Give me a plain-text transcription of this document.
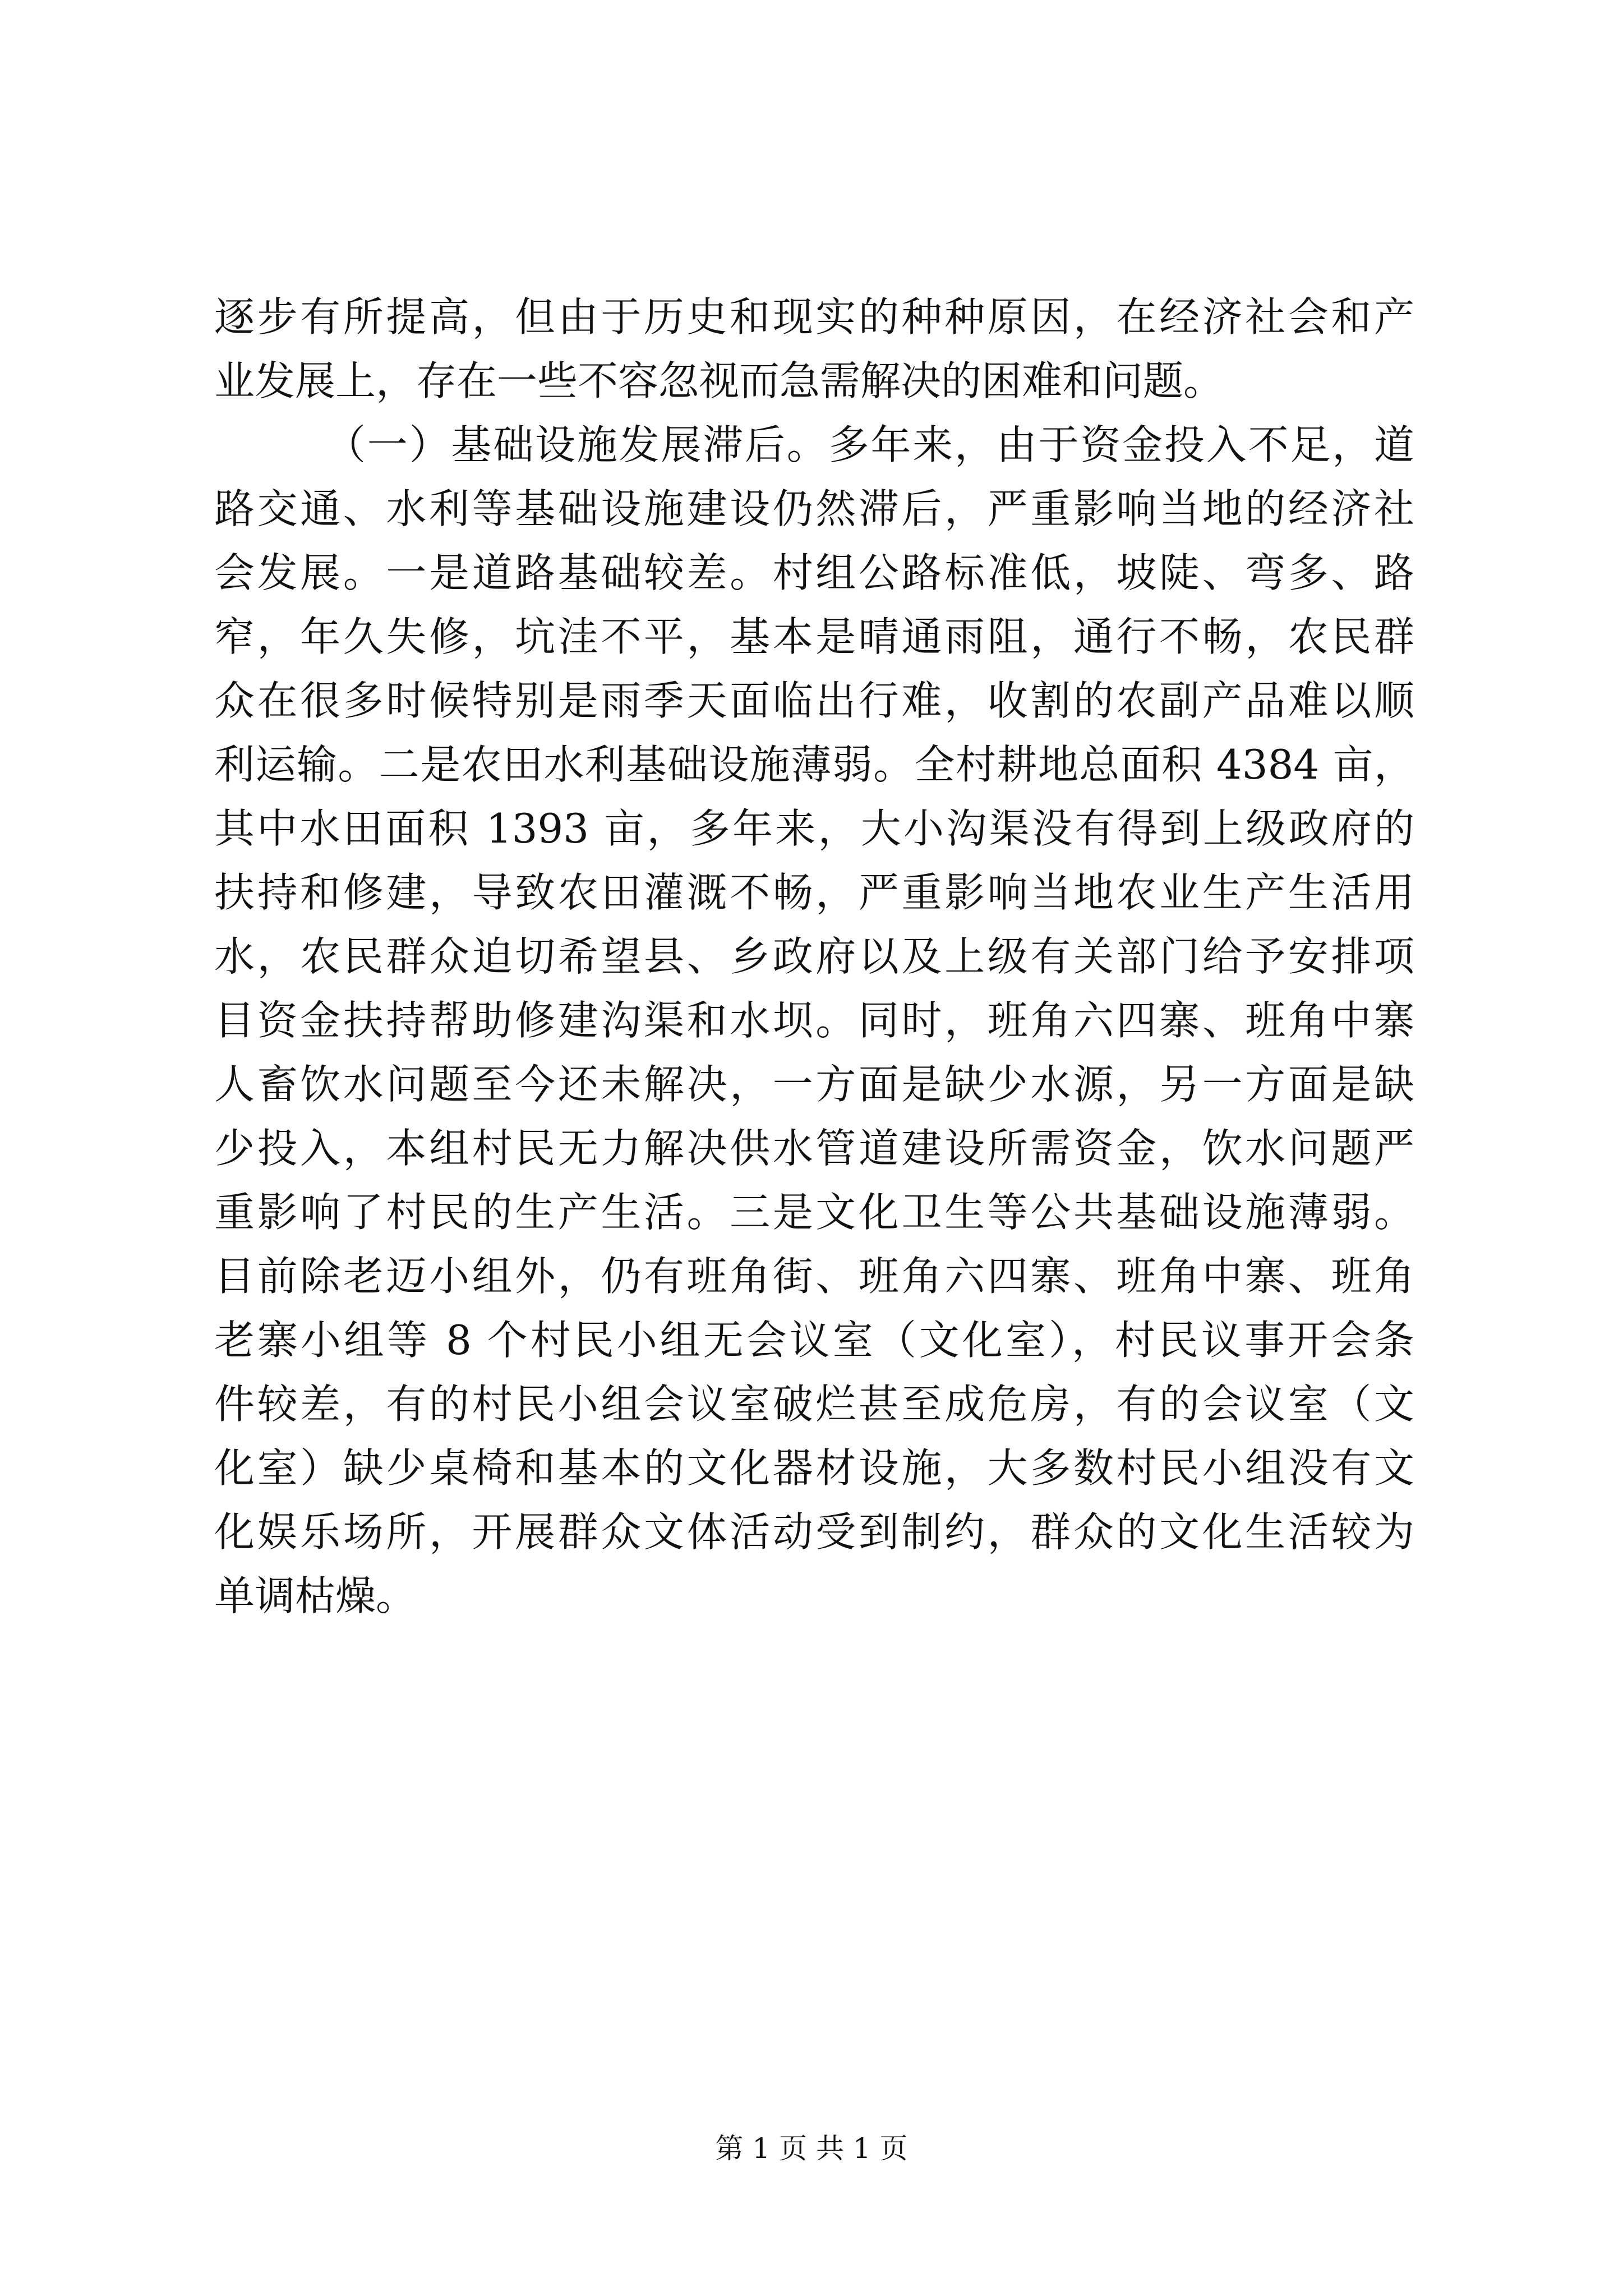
逐步有所提高，但由于历史和现实的种种原因，在经济社会和产
业发展上，存在一些不容忽视而急需解决的困难和问题。
（一）基础设施发展滞后。多年来，由于资金投入不足，道
路交通、水利等基础设施建设仍然滞后，严重影响当地的经济社
会发展。一是道路基础较差。村组公路标准低，坡陡、弯多、路
窄，年久失修，坑洼不平，基本是晴通雨阻，通行不畅，农民群
众在很多时候特别是雨季天面临出行难，收割的农副产品难以顺
利运输。二是农田水利基础设施薄弱。全村耕地总面积 4384 亩，
其中水田面积 1393 亩，多年来，大小沟渠没有得到上级政府的
扶持和修建，导致农田灌溉不畅，严重影响当地农业生产生活用
水，农民群众迫切希望县、乡政府以及上级有关部门给予安排项
目资金扶持帮助修建沟渠和水坝。同时，班角六四寨、班角中寨
人畜饮水问题至今还未解决，一方面是缺少水源，另一方面是缺
少投入，本组村民无力解决供水管道建设所需资金，饮水问题严
重影响了村民的生产生活。三是文化卫生等公共基础设施薄弱。
目前除老迈小组外，仍有班角街、班角六四寨、班角中寨、班角
老寨小组等 8 个村民小组无会议室（文化室），村民议事开会条
件较差，有的村民小组会议室破烂甚至成危房，有的会议室（文
化室）缺少桌椅和基本的文化器材设施，大多数村民小组没有文
化娱乐场所，开展群众文体活动受到制约，群众的文化生活较为
单调枯燥。
第 1 页 共 1 页
